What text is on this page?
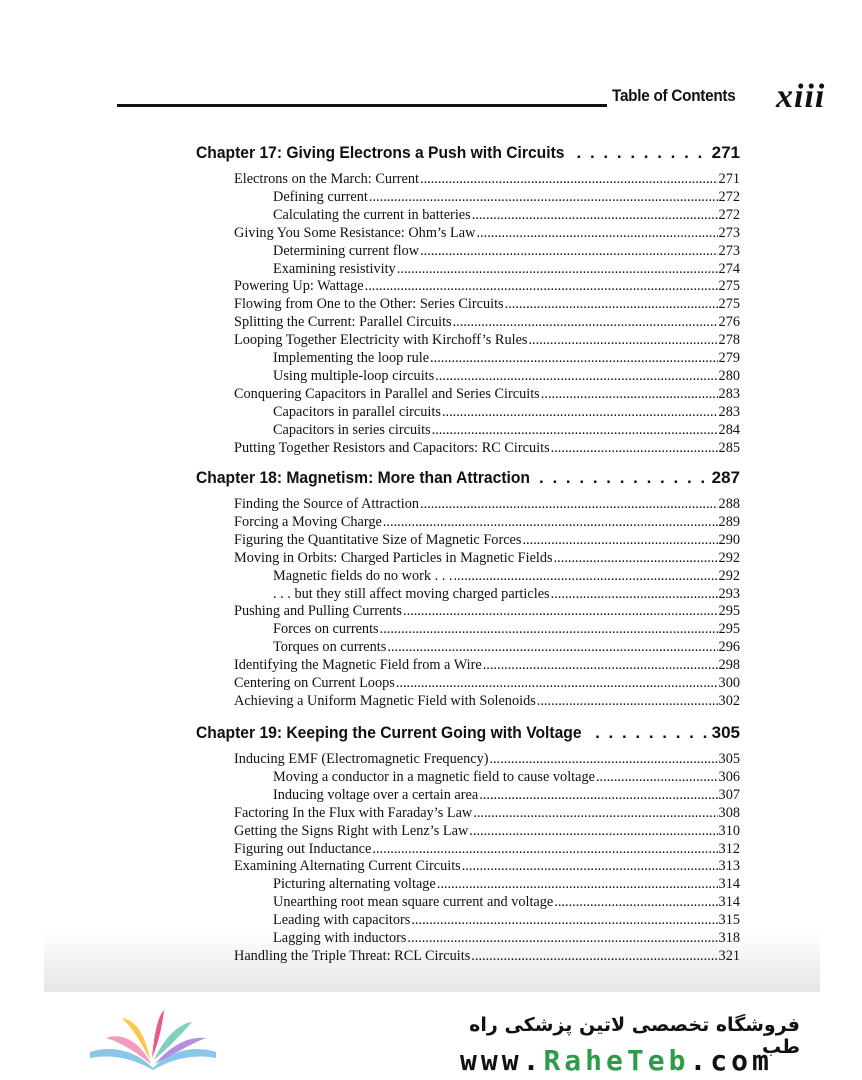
Table of Contents xiii
Chapter 17: Giving Electrons a Push with Circuits . . .	271
Electrons on the March: Current .....	271
Defining current .....	272
Calculating the current in batteries .....	272
Giving You Some Resistance: Ohm’s Law .....	273
Determining current flow .....	273
Examining resistivity .....	274
Powering Up: Wattage .....	275
Flowing from One to the Other: Series Circuits .....	275
Splitting the Current: Parallel Circuits .....	276
Looping Together Electricity with Kirchoff’s Rules .....	278
Implementing the loop rule .....	279
Using multiple-loop circuits .....	280
Conquering Capacitors in Parallel and Series Circuits .....	283
Capacitors in parallel circuits .....	283
Capacitors in series circuits .....	284
Putting Together Resistors and Capacitors: RC Circuits .....	285
Chapter 18: Magnetism: More than Attraction . . .	287
Finding the Source of Attraction .....	288
Forcing a Moving Charge .....	289
Figuring the Quantitative Size of Magnetic Forces .....	290
Moving in Orbits: Charged Particles in Magnetic Fields .....	292
Magnetic fields do no work . . . .....	292
. . . but they still affect moving charged particles .....	293
Pushing and Pulling Currents .....	295
Forces on currents .....	295
Torques on currents .....	296
Identifying the Magnetic Field from a Wire .....	298
Centering on Current Loops .....	300
Achieving a Uniform Magnetic Field with Solenoids .....	302
Chapter 19: Keeping the Current Going with Voltage . . .	305
Inducing EMF (Electromagnetic Frequency) .....	305
Moving a conductor in a magnetic field to cause voltage .....	306
Inducing voltage over a certain area .....	307
Factoring In the Flux with Faraday’s Law .....	308
Getting the Signs Right with Lenz’s Law .....	310
Figuring out Inductance .....	312
Examining Alternating Current Circuits .....	313
Picturing alternating voltage .....	314
Unearthing root mean square current and voltage .....	314
Leading with capacitors .....	315
Lagging with inductors .....	318
Handling the Triple Threat: RCL Circuits .....	321
فروشگاه تخصصی لاتین پزشکی راه طب
www.RaheTeb.com
